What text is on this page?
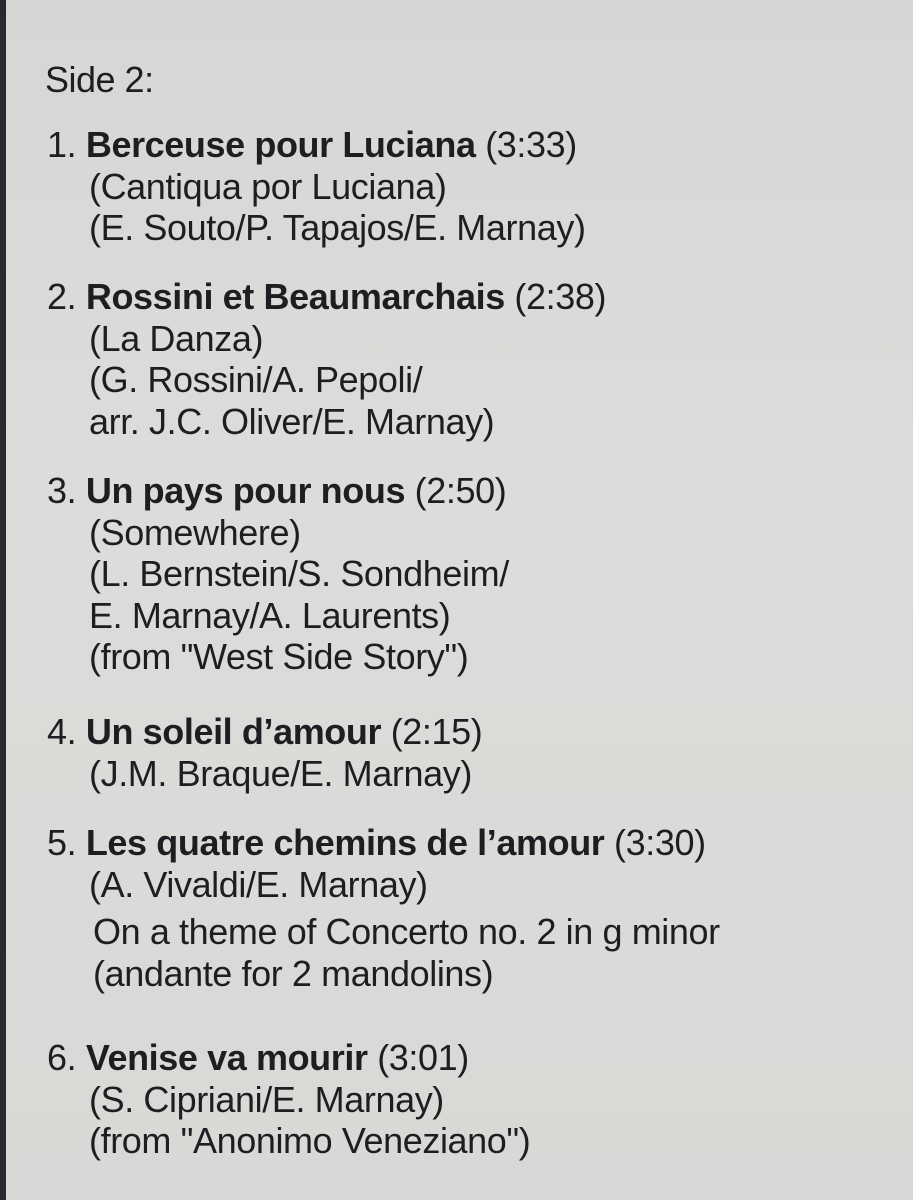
Side 2:
1. Berceuse pour Luciana (3:33)
(Cantiqua por Luciana)
(E. Souto/P. Tapajos/E. Marnay)
2. Rossini et Beaumarchais (2:38)
(La Danza)
(G. Rossini/A. Pepoli/
arr. J.C. Oliver/E. Marnay)
3. Un pays pour nous (2:50)
(Somewhere)
(L. Bernstein/S. Sondheim/
E. Marnay/A. Laurents)
(from "West Side Story")
4. Un soleil d’amour (2:15)
(J.M. Braque/E. Marnay)
5. Les quatre chemins de l’amour (3:30)
(A. Vivaldi/E. Marnay)
On a theme of Concerto no. 2 in g minor
(andante for 2 mandolins)
6. Venise va mourir (3:01)
(S. Cipriani/E. Marnay)
(from "Anonimo Veneziano")
